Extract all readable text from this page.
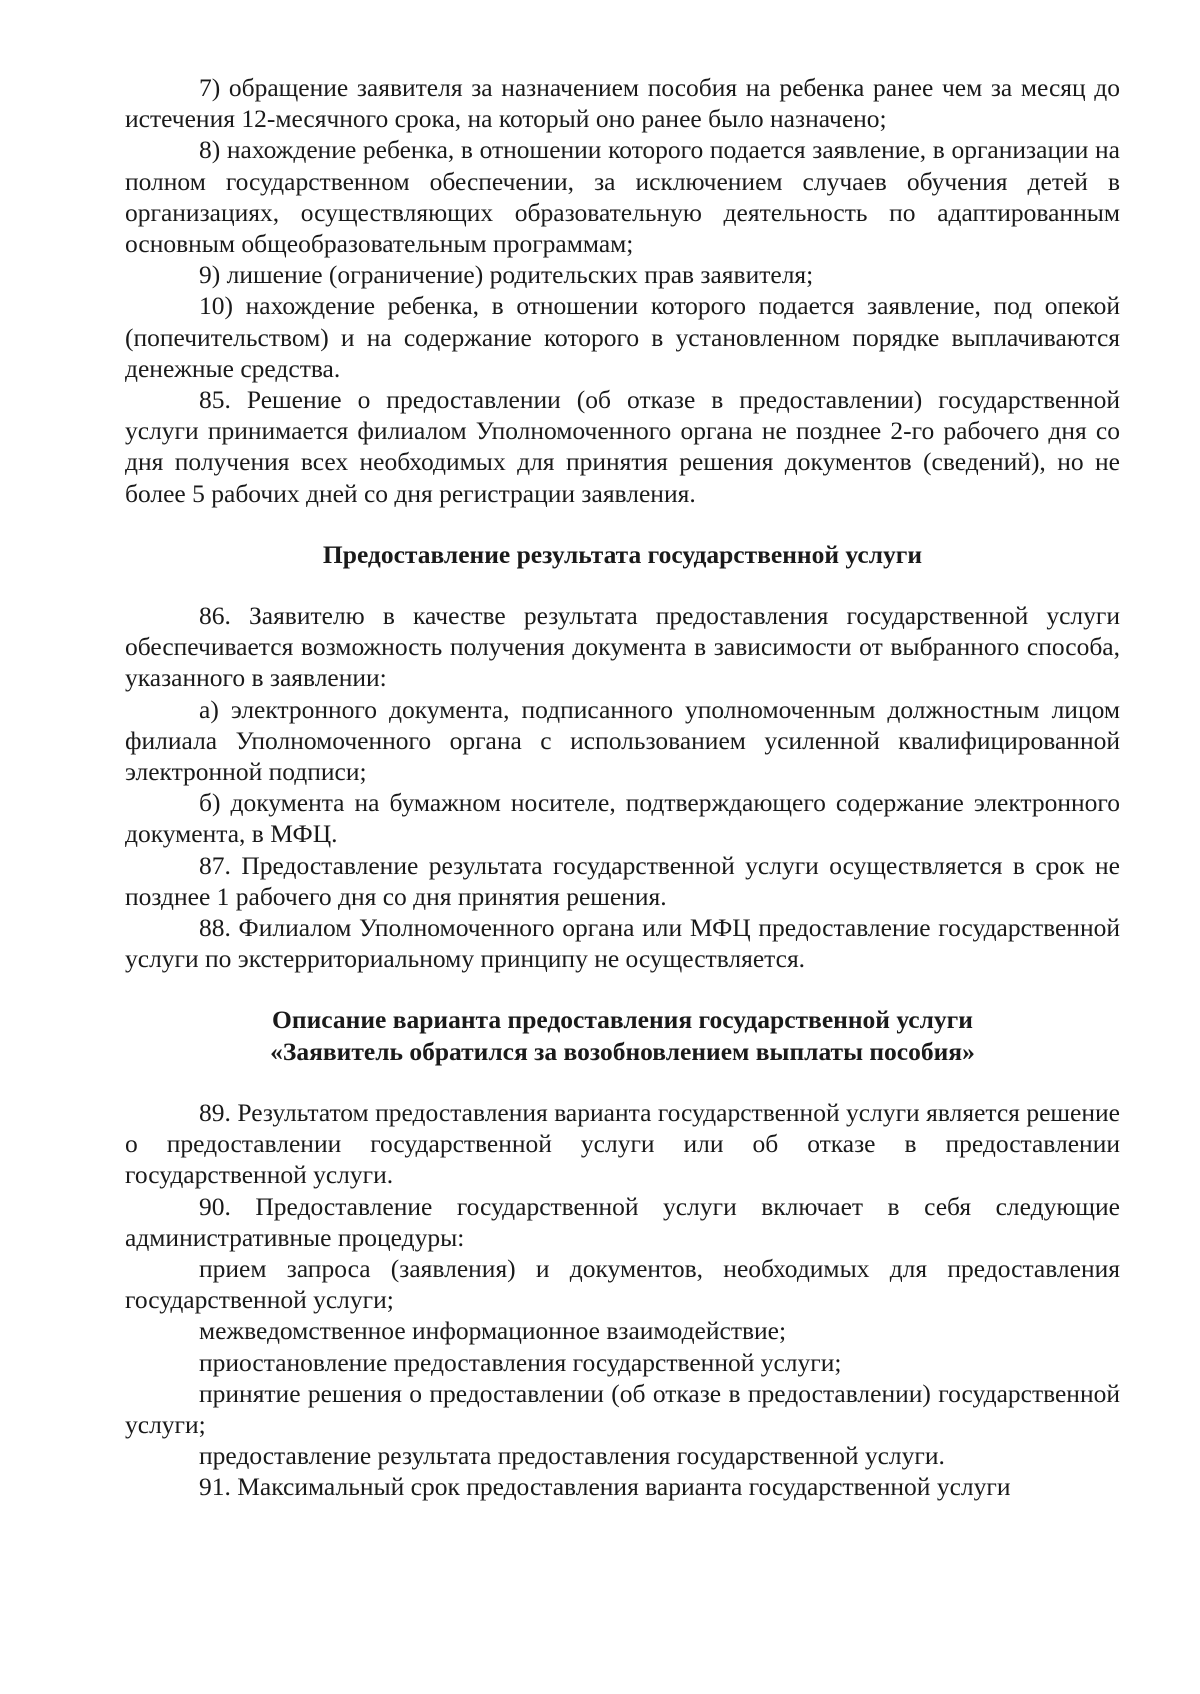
7) обращение заявителя за назначением пособия на ребенка ранее чем за месяц до истечения 12-месячного срока, на который оно ранее было назначено;

8) нахождение ребенка, в отношении которого подается заявление, в организации на полном государственном обеспечении, за исключением случаев обучения детей в организациях, осуществляющих образовательную деятельность по адаптированным основным общеобразовательным программам;

9) лишение (ограничение) родительских прав заявителя;

10) нахождение ребенка, в отношении которого подается заявление, под опекой (попечительством) и на содержание которого в установленном порядке выплачиваются денежные средства.

85. Решение о предоставлении (об отказе в предоставлении) государственной услуги принимается филиалом Уполномоченного органа не позднее 2-го рабочего дня со дня получения всех необходимых для принятия решения документов (сведений), но не более 5 рабочих дней со дня регистрации заявления.

Предоставление результата государственной услуги

86. Заявителю в качестве результата предоставления государственной услуги обеспечивается возможность получения документа в зависимости от выбранного способа, указанного в заявлении:

а) электронного документа, подписанного уполномоченным должностным лицом филиала Уполномоченного органа с использованием усиленной квалифицированной электронной подписи;

б) документа на бумажном носителе, подтверждающего содержание электронного документа, в МФЦ.

87. Предоставление результата государственной услуги осуществляется в срок не позднее 1 рабочего дня со дня принятия решения.

88. Филиалом Уполномоченного органа или МФЦ предоставление государственной услуги по экстерриториальному принципу не осуществляется.

Описание варианта предоставления государственной услуги

«Заявитель обратился за возобновлением выплаты пособия»

89. Результатом предоставления варианта государственной услуги является решение о предоставлении государственной услуги или об отказе в предоставлении государственной услуги.

90. Предоставление государственной услуги включает в себя следующие административные процедуры:

прием запроса (заявления) и документов, необходимых для предоставления государственной услуги;

межведомственное информационное взаимодействие;

приостановление предоставления государственной услуги;

принятие решения о предоставлении (об отказе в предоставлении) государственной услуги;

предоставление результата предоставления государственной услуги.

91. Максимальный срок предоставления варианта государственной услуги
